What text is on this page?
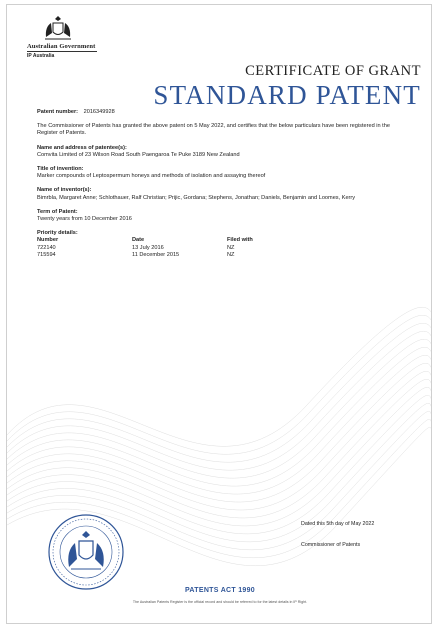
Australian Government
IP Australia
CERTIFICATE OF GRANT
STANDARD PATENT
Patent number: 2016349928
The Commissioner of Patents has granted the above patent on 5 May 2022, and certifies that the below particulars have been registered in the Register of Patents.
Name and address of patentee(s):
Comvita Limited of 23 Wilson Road South Paengaroa Te Puke 3189 New Zealand
Title of invention:
Marker compounds of Leptospermum honeys and methods of isolation and assaying thereof
Name of inventor(s):
Bimrbla, Margaret Anne; Schlothauer, Ralf Christian; Prijic, Gordana; Stephens, Jonathan; Daniels, Benjamin and Loomes, Kerry
Term of Patent:
Twenty years from 10 December 2016
Priority details:
Number	Date	Filed with
722140	13 July 2016	NZ
715594	11 December 2015	NZ
Dated this 5th day of May 2022
Commissioner of Patents
PATENTS ACT 1990
The Australian Patents Register is the official record and should be referred to for the latest details in IP Right.
